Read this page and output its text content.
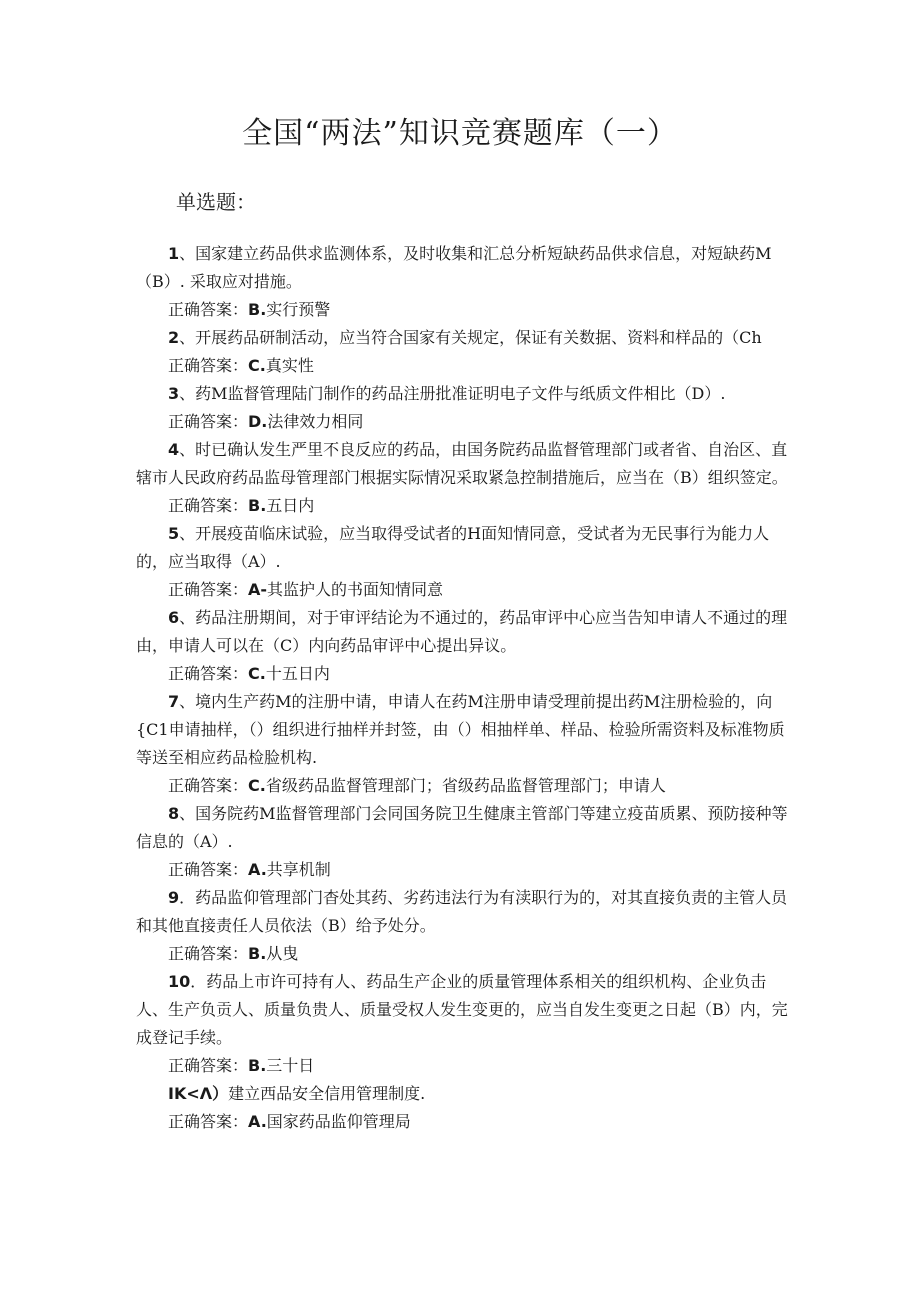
全国“两法”知识竞赛题库（一）
单选题：

1、国家建立药品供求监测体系，及时收集和汇总分析短缺药品供求信息，对短缺药M（B）. 采取应对措施。

正确答案：B.实行预警

2、开展药品研制活动，应当符合国家有关规定，保证有关数据、资料和样品的（Ch

正确答案：C.真实性

3、药M监督管理陆门制作的药品注册批准证明电子文件与纸质文件相比（D）.

正确答案：D.法律效力相同

4、时已确认发生严里不良反应的药品，由国务院药品监督管理部门或者省、自治区、直辖市人民政府药品监母管理部门根据实际情况采取紧急控制措施后，应当在（B）组织签定。

正确答案：B.五日内

5、开展疫苗临床试验，应当取得受试者的H面知情同意，受试者为无民事行为能力人的，应当取得（A）.

正确答案：A-其监护人的书面知情同意

6、药品注册期间，对于审评结论为不通过的，药品审评中心应当告知申请人不通过的理由，申请人可以在（C）内向药品审评中心提出异议。

正确答案：C.十五日内

7、境内生产药M的注册中请，申请人在药M注册申请受理前提出药M注册检验的，向{C1申请抽样，（）组织进行抽样并封签，由（）相抽样单、样品、检验所需资料及标准物质等送至相应药品检脸机构.

正确答案：C.省级药品监督管理部门；省级药品监督管理部门；申请人

8、国务院药M监督管理部门会同国务院卫生健康主管部门等建立疫苗质累、预防接种等信息的（A）.

正确答案：A.共享机制

9．药品监仰管理部门杳处其药、劣药违法行为有渎职行为的，对其直接负责的主管人员和其他直接责任人员依法（B）给予处分。

正确答案：B.从曳

10．药品上市许可持有人、药品生产企业的质量管理体系相关的组织机构、企业负击人、生产负贡人、质量负贵人、质量受权人发生变更的，应当自发生变更之日起（B）内，完成登记手续。

正确答案：B.三十日

IK<Λ）建立西品安全信用管理制度.

正确答案：A.国家药品监仰管理局
